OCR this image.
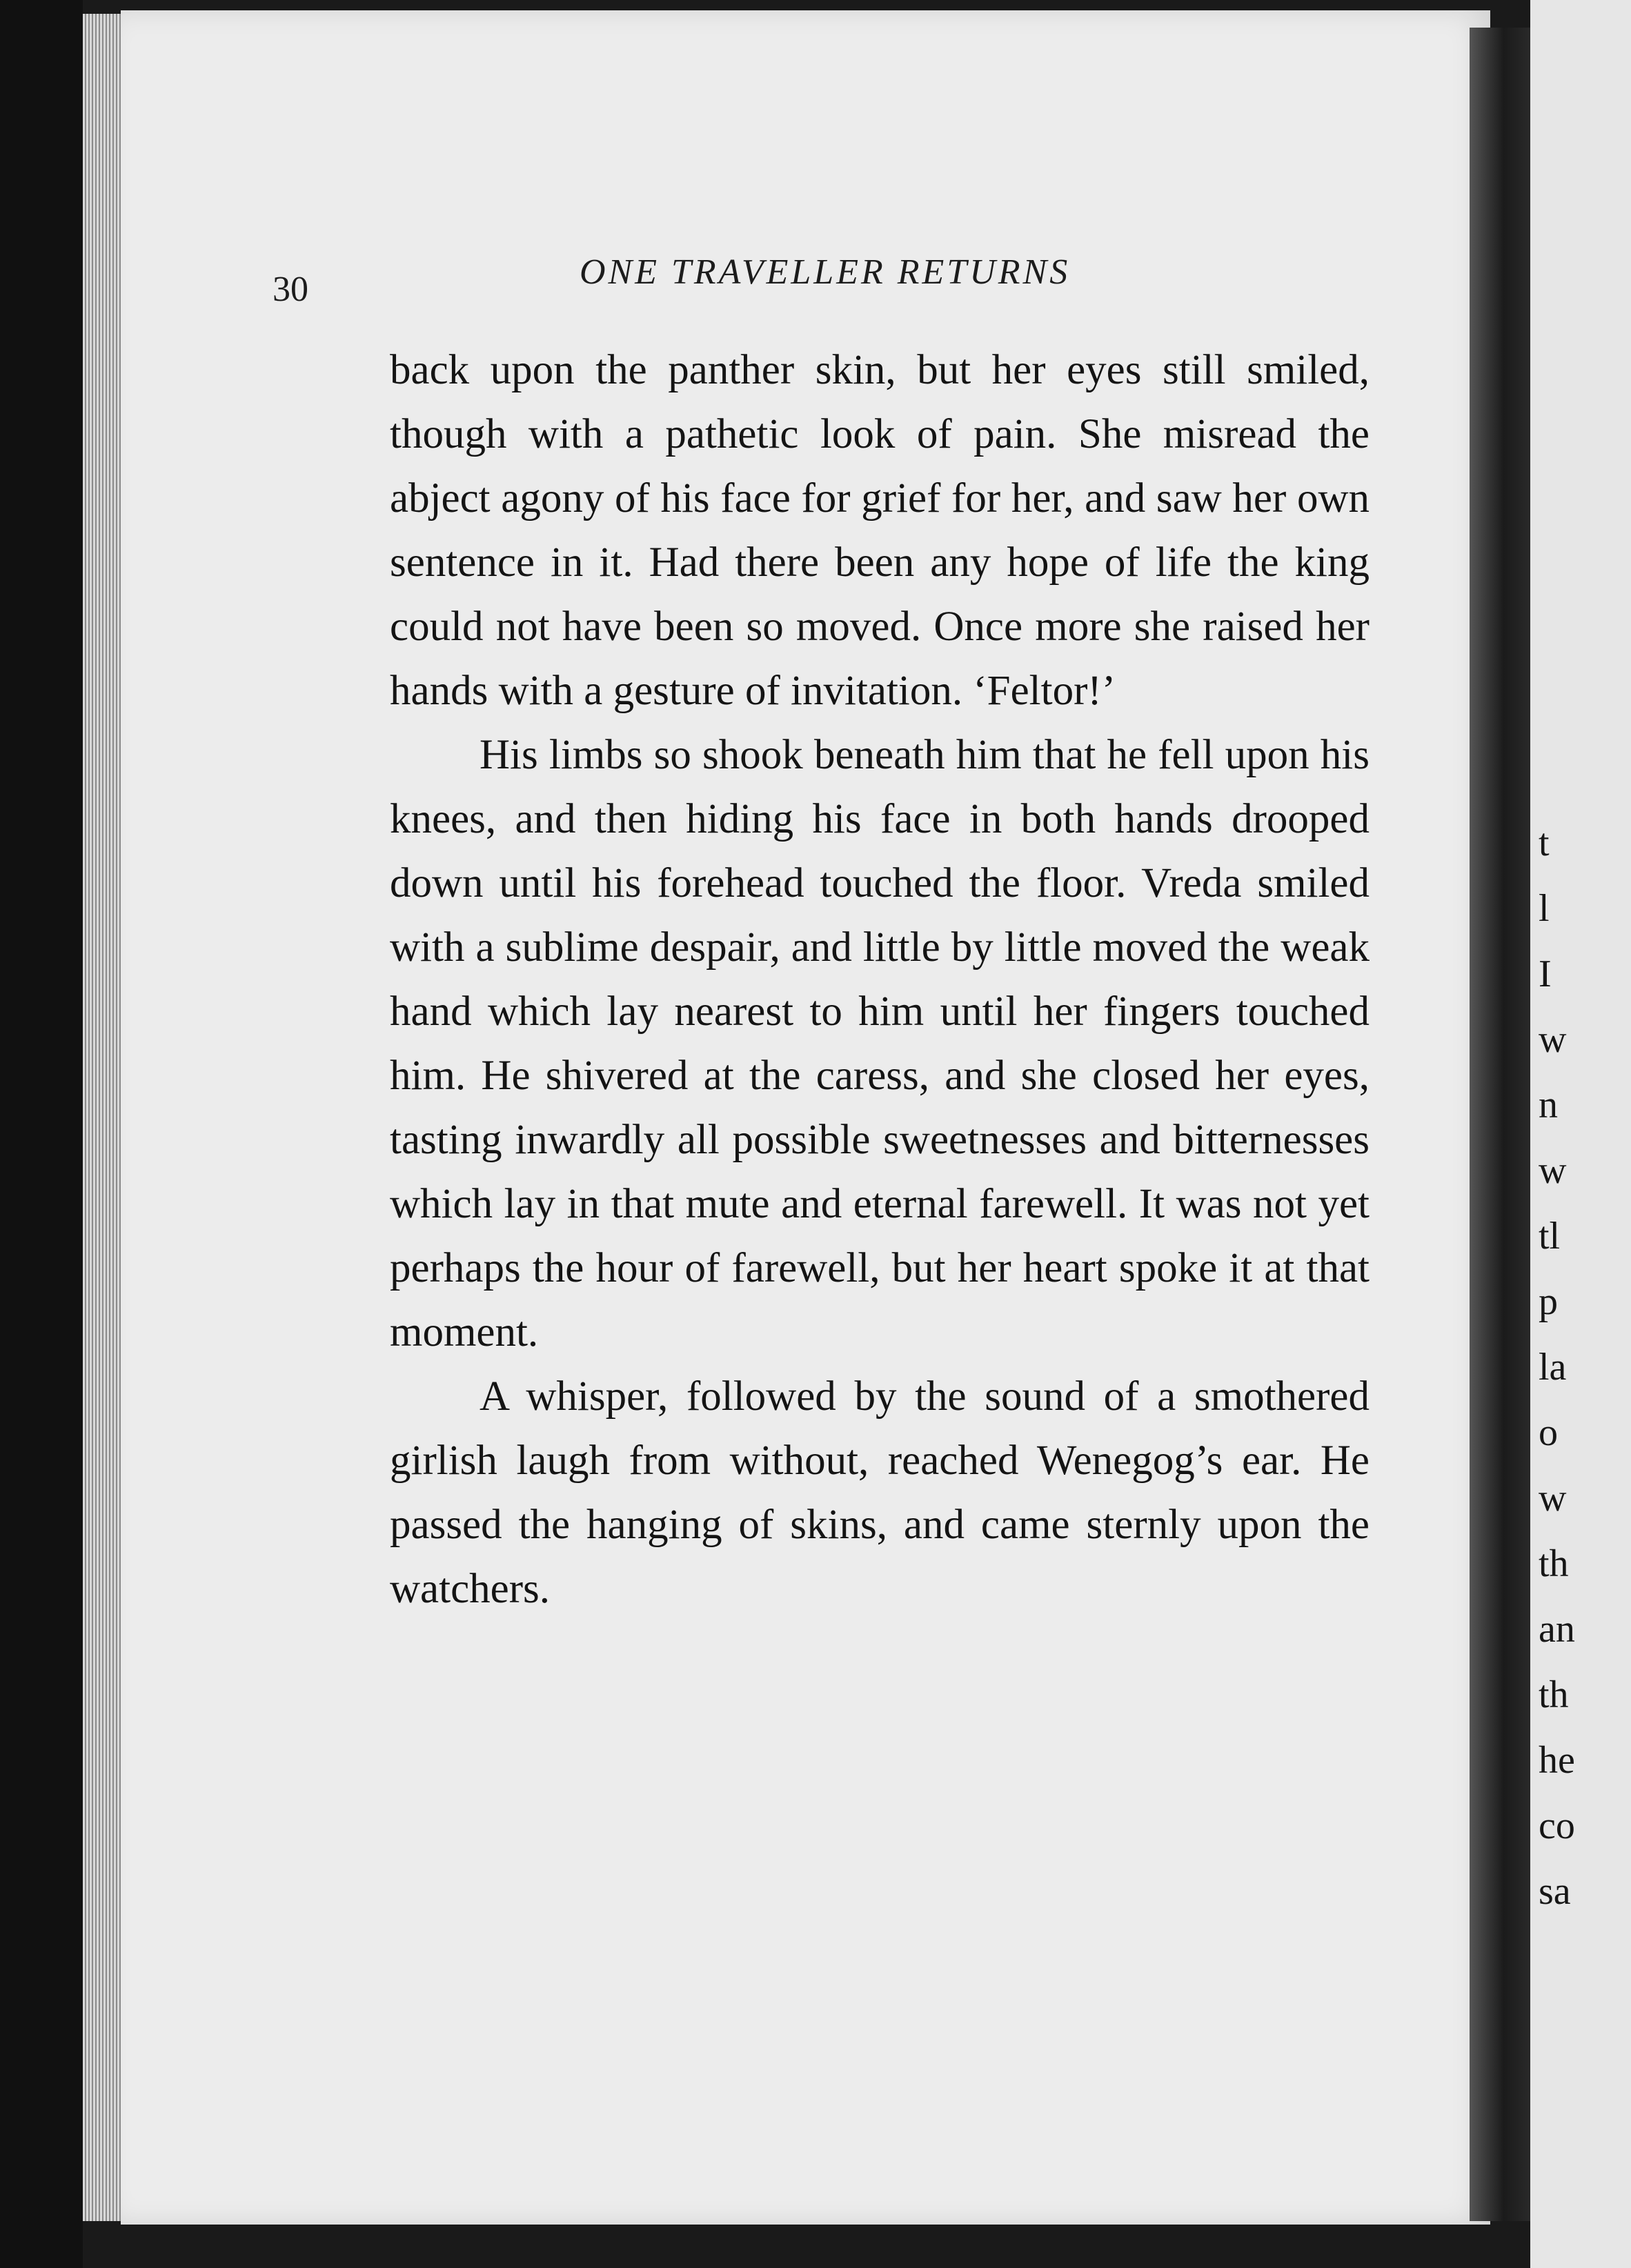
30	ONE TRAVELLER RETURNS

back upon the panther skin, but her eyes still smiled, though with a pathetic look of pain. She misread the abject agony of his face for grief for her, and saw her own sentence in it. Had there been any hope of life the king could not have been so moved. Once more she raised her hands with a gesture of invitation. ‘Feltor!’

His limbs so shook beneath him that he fell upon his knees, and then hiding his face in both hands drooped down until his forehead touched the floor. Vreda smiled with a sublime despair, and little by little moved the weak hand which lay nearest to him until her fingers touched him. He shivered at the caress, and she closed her eyes, tasting inwardly all possible sweetnesses and bitternesses which lay in that mute and eternal farewell. It was not yet perhaps the hour of farewell, but her heart spoke it at that moment.

A whisper, followed by the sound of a smothered girlish laugh from without, reached Wenegog’s ear. He passed the hanging of skins, and came sternly upon the watchers.

t
l
I
w
n
w
tl
p
la
o
w
th
an
th
he
co
sa
